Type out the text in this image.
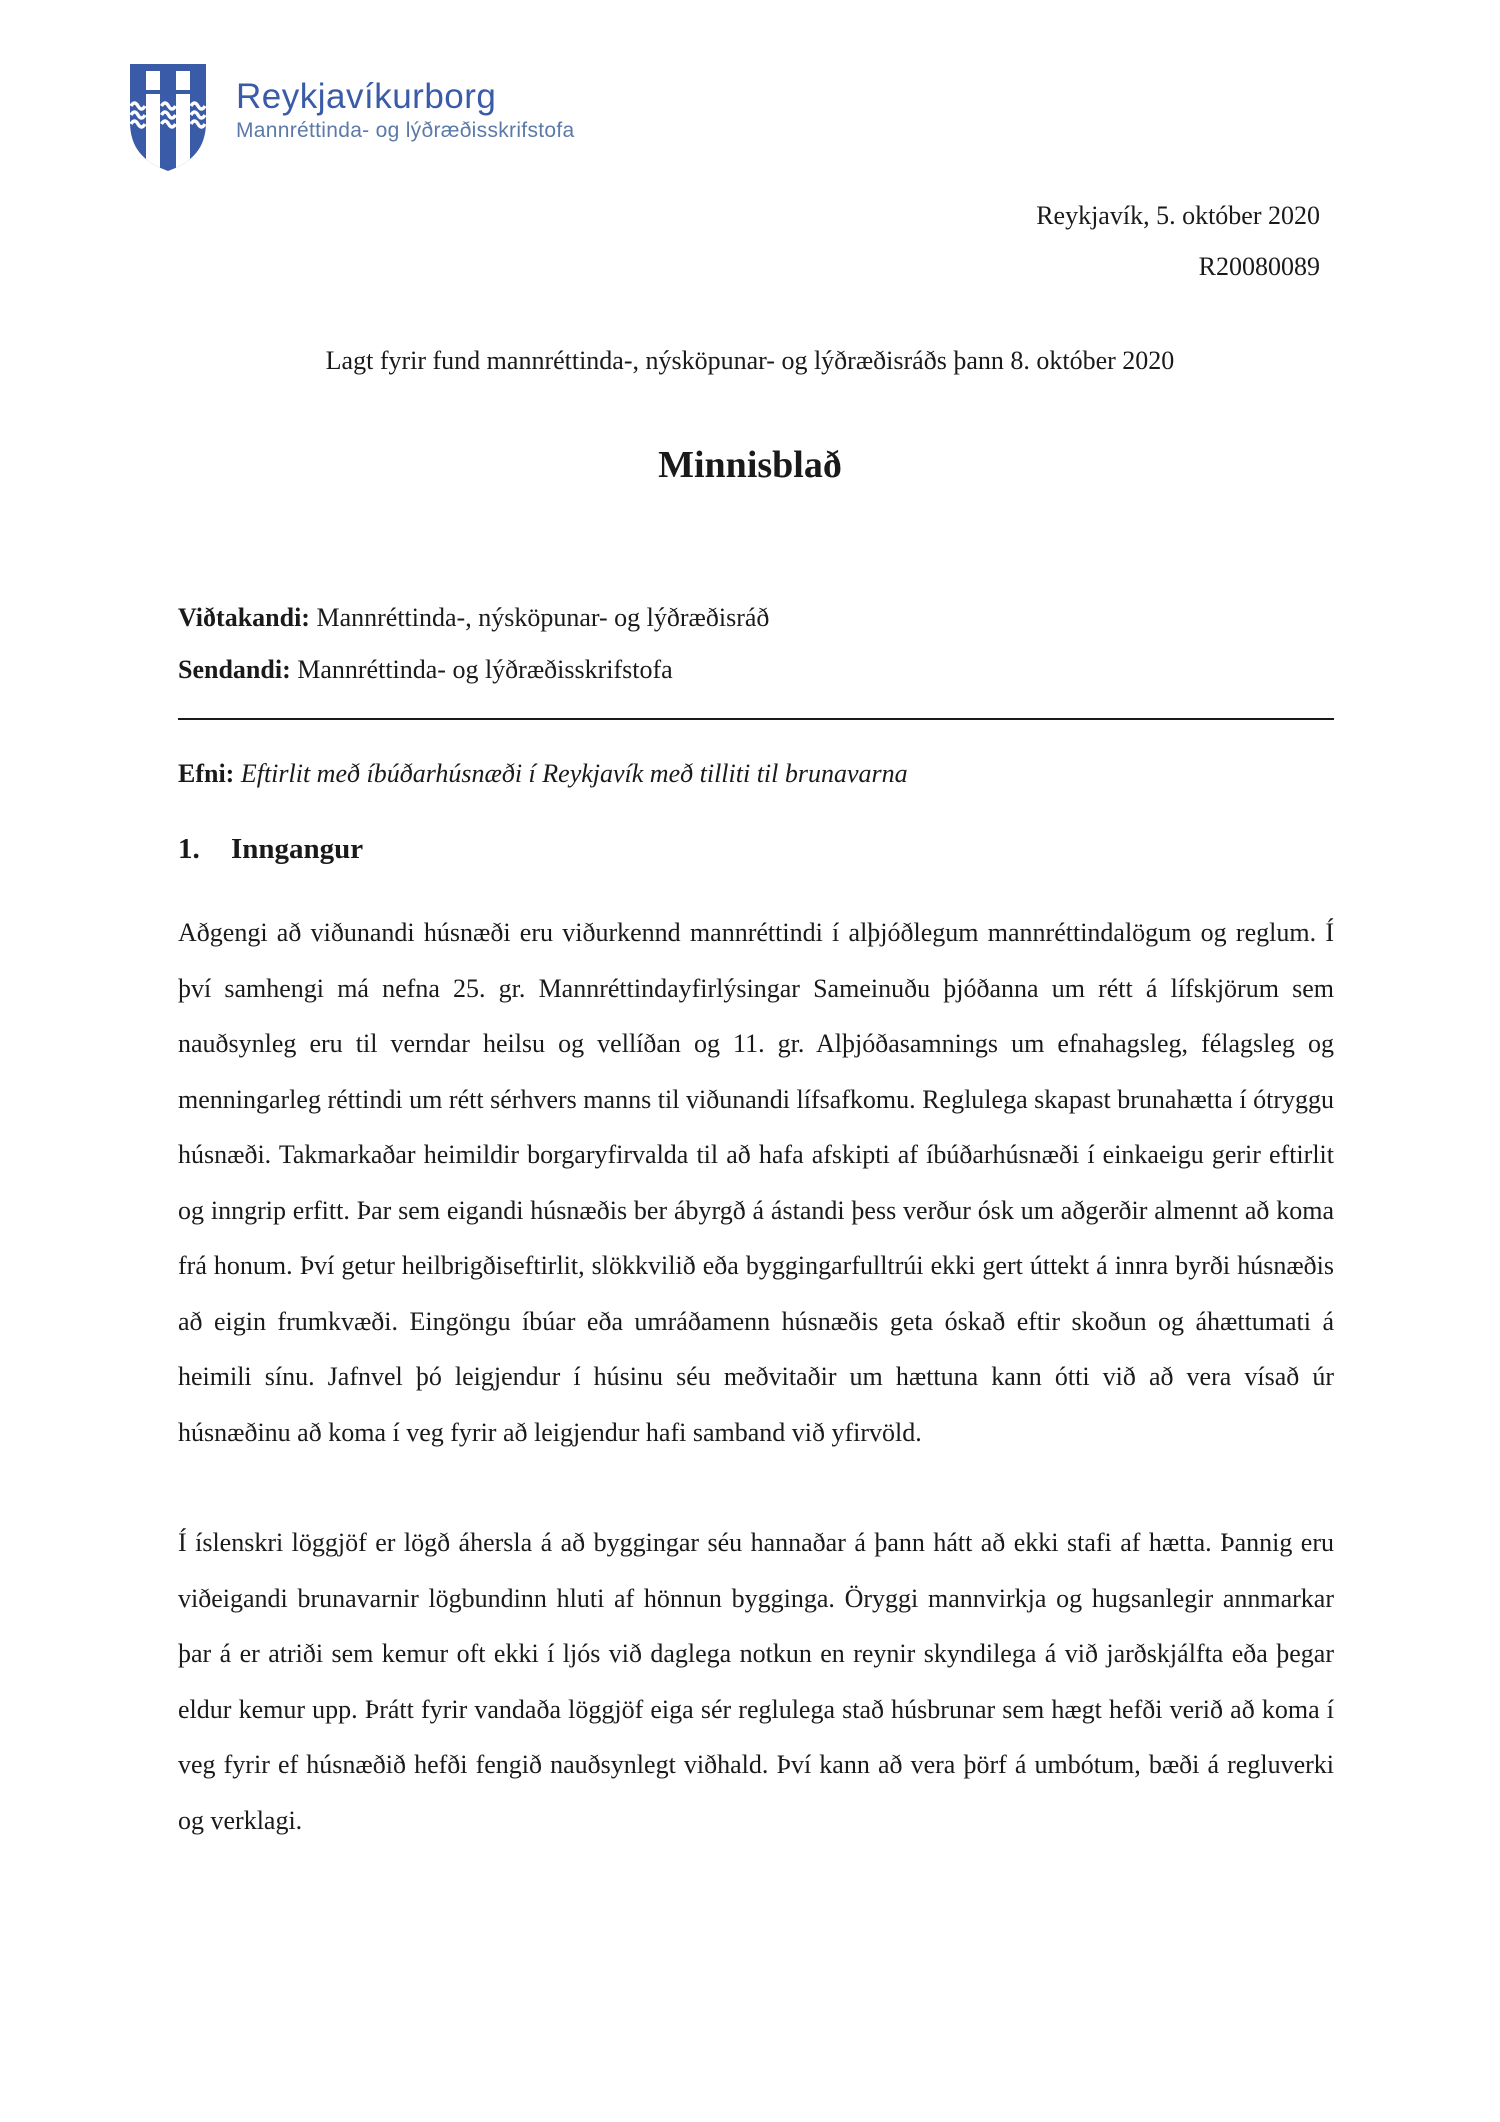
Reykjavíkurborg
Mannréttinda- og lýðræðisskrifstofa
Reykjavík, 5. október 2020
R20080089
Lagt fyrir fund mannréttinda-, nýsköpunar- og lýðræðisráðs þann 8. október 2020
Minnisblað
Viðtakandi: Mannréttinda-, nýsköpunar- og lýðræðisráð
Sendandi: Mannréttinda- og lýðræðisskrifstofa
Efni: Eftirlit með íbúðarhúsnæði í Reykjavík með tilliti til brunavarna
1. Inngangur

Aðgengi að viðunandi húsnæði eru viðurkennd mannréttindi í alþjóðlegum mannréttindalögum og reglum. Í því samhengi má nefna 25. gr. Mannréttindayfirlýsingar Sameinuðu þjóðanna um rétt á lífskjörum sem nauðsynleg eru til verndar heilsu og vellíðan og 11. gr. Alþjóðasamnings um efnahagsleg, félagsleg og menningarleg réttindi um rétt sérhvers manns til viðunandi lífsafkomu. Reglulega skapast brunahætta í ótryggu húsnæði. Takmarkaðar heimildir borgaryfirvalda til að hafa afskipti af íbúðarhúsnæði í einkaeigu gerir eftirlit og inngrip erfitt. Þar sem eigandi húsnæðis ber ábyrgð á ástandi þess verður ósk um aðgerðir almennt að koma frá honum. Því getur heilbrigðiseftirlit, slökkvilið eða byggingarfulltrúi ekki gert úttekt á innra byrði húsnæðis að eigin frumkvæði. Eingöngu íbúar eða umráðamenn húsnæðis geta óskað eftir skoðun og áhættumati á heimili sínu. Jafnvel þó leigjendur í húsinu séu meðvitaðir um hættuna kann ótti við að vera vísað úr húsnæðinu að koma í veg fyrir að leigjendur hafi samband við yfirvöld.

Í íslenskri löggjöf er lögð áhersla á að byggingar séu hannaðar á þann hátt að ekki stafi af hætta. Þannig eru viðeigandi brunavarnir lögbundinn hluti af hönnun bygginga. Öryggi mannvirkja og hugsanlegir annmarkar þar á er atriði sem kemur oft ekki í ljós við daglega notkun en reynir skyndilega á við jarðskjálfta eða þegar eldur kemur upp. Þrátt fyrir vandaða löggjöf eiga sér reglulega stað húsbrunar sem hægt hefði verið að koma í veg fyrir ef húsnæðið hefði fengið nauðsynlegt viðhald. Því kann að vera þörf á umbótum, bæði á regluverki og verklagi.
